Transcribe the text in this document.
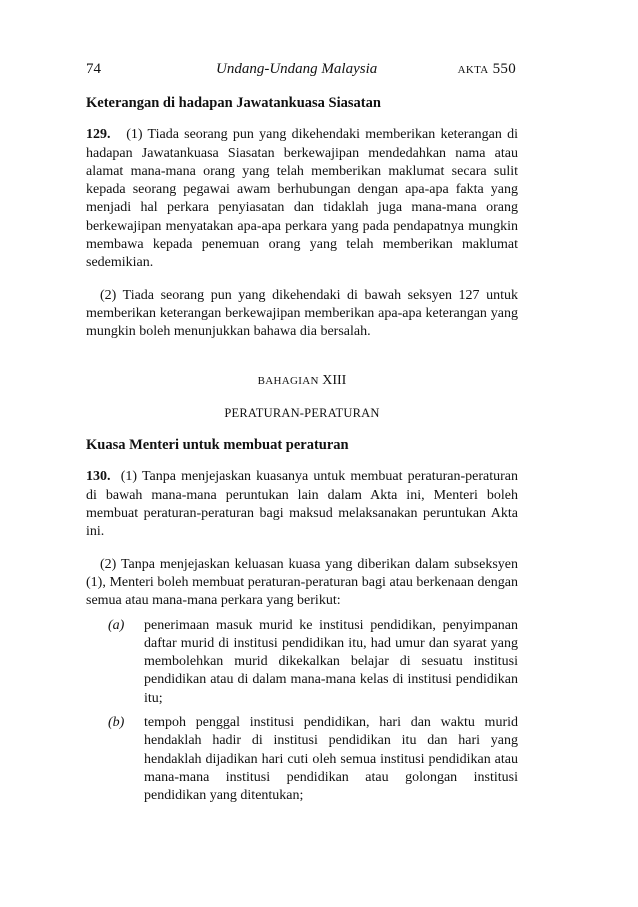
74	Undang-Undang Malaysia	AKTA 550

Keterangan di hadapan Jawatankuasa Siasatan

129. (1) Tiada seorang pun yang dikehendaki memberikan keterangan di hadapan Jawatankuasa Siasatan berkewajipan mendedahkan nama atau alamat mana-mana orang yang telah memberikan maklumat secara sulit kepada seorang pegawai awam berhubungan dengan apa-apa fakta yang menjadi hal perkara penyiasatan dan tidaklah juga mana-mana orang berkewajipan menyatakan apa-apa perkara yang pada pendapatnya mungkin membawa kepada penemuan orang yang telah memberikan maklumat sedemikian.

(2) Tiada seorang pun yang dikehendaki di bawah seksyen 127 untuk memberikan keterangan berkewajipan memberikan apa-apa keterangan yang mungkin boleh menunjukkan bahawa dia bersalah.

BAHAGIAN XIII

PERATURAN-PERATURAN

Kuasa Menteri untuk membuat peraturan

130. (1) Tanpa menjejaskan kuasanya untuk membuat peraturan-peraturan di bawah mana-mana peruntukan lain dalam Akta ini, Menteri boleh membuat peraturan-peraturan bagi maksud melaksanakan peruntukan Akta ini.

(2) Tanpa menjejaskan keluasan kuasa yang diberikan dalam subseksyen (1), Menteri boleh membuat peraturan-peraturan bagi atau berkenaan dengan semua atau mana-mana perkara yang berikut:

(a)	penerimaan masuk murid ke institusi pendidikan, penyimpanan daftar murid di institusi pendidikan itu, had umur dan syarat yang membolehkan murid dikekalkan belajar di sesuatu institusi pendidikan atau di dalam mana-mana kelas di institusi pendidikan itu;
(b)	tempoh penggal institusi pendidikan, hari dan waktu murid hendaklah hadir di institusi pendidikan itu dan hari yang hendaklah dijadikan hari cuti oleh semua institusi pendidikan atau mana-mana institusi pendidikan atau golongan institusi pendidikan yang ditentukan;
